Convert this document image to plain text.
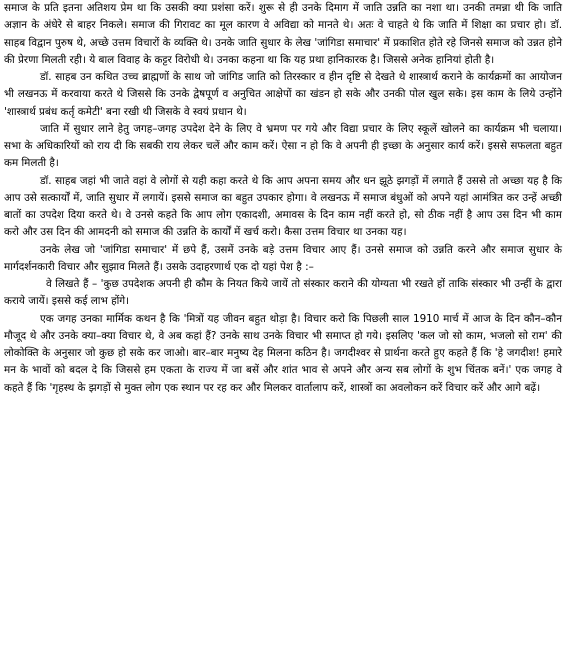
समाज के प्रति इतना अतिशय प्रेम था कि उसकी क्या प्रशंसा करें। शुरू से ही उनके दिमाग में जाति उन्नति का नशा था। उनकी तमन्ना थी कि जाति अज्ञान के अंधेरे से बाहर निकले। समाज की गिरावट का मूल कारण वे अविद्या को मानते थे। अतः वे चाहते थे कि जाति में शिक्षा का प्रचार हो। डॉ. साहब विद्वान पुरुष थे, अच्छे उत्तम विचारों के व्यक्ति थे। उनके जाति सुधार के लेख 'जांगिडा समाचार' में प्रकाशित होते रहे जिनसे समाज को उन्नत होने की प्रेरणा मिलती रही। ये बाल विवाह के कट्टर विरोधी थे। उनका कहना था कि यह प्रथा हानिकारक है। जिससे अनेक हानियां होती है।

डॉ. साहब उन कथित उच्च ब्राह्मणों के साथ जो जांगिड जाति को तिरस्कार व हीन दृष्टि से देखते थे शास्त्रार्थ कराने के कार्यक्रमों का आयोजन भी लखनऊ में करवाया करते थे जिससे कि उनके द्वेषपूर्ण व अनुचित आक्षेपों का खंडन हो सके और उनकी पोल खुल सके। इस काम के लिये उन्होंने 'शास्त्रार्थ प्रबंध कर्तृ कमेटी' बना रखी थी जिसके वे स्वयं प्रधान थे।

जाति में सुधार लाने हेतु जगह–जगह उपदेश देने के लिए वे भ्रमण पर गये और विद्या प्रचार के लिए स्कूलें खोलने का कार्यक्रम भी चलाया। सभा के अधिकारियों को राय दी कि सबकी राय लेकर चलें और काम करें। ऐसा न हो कि वे अपनी ही इच्छा के अनुसार कार्य करें। इससे सफलता बहुत कम मिलती है।

डॉ. साहब जहां भी जाते वहां वे लोगों से यही कहा करते थे कि आप अपना समय और धन झूठे झगड़ों में लगाते हैं उससे तो अच्छा यह है कि आप उसे सत्कार्यों में, जाति सुधार में लगायें। इससे समाज का बहुत उपकार होगा। वे लखनऊ में समाज बंधुओं को अपने यहां आमंत्रित कर उन्हें अच्छी बातों का उपदेश दिया करते थे। वे उनसे कहते कि आप लोग एकादशी, अमावस के दिन काम नहीं करते हो, सो ठीक नहीं है आप उस दिन भी काम करो और उस दिन की आमदनी को समाज की उन्नति के कार्यों में खर्च करो। कैसा उत्तम विचार था उनका यह।

उनके लेख जो 'जांगिडा समाचार' में छपे हैं, उसमें उनके बड़े उत्तम विचार आए हैं। उनसे समाज को उन्नति करने और समाज सुधार के मार्गदर्शनकारी विचार और सुझाव मिलते हैं। उसके उदाहरणार्थ एक दो यहां पेश है :–

वे लिखते हैं – 'कुछ उपदेशक अपनी ही कौम के नियत किये जायें तो संस्कार कराने की योग्यता भी रखते हों ताकि संस्कार भी उन्हीं के द्वारा कराये जायें। इससे कई लाभ होंगे।

एक जगह उनका मार्मिक कथन है कि 'मित्रों यह जीवन बहुत थोड़ा है। विचार करो कि पिछली साल 1910 मार्च में आज के दिन कौन–कौन मौजूद थे और उनके क्या–क्या विचार थे, वे अब कहां हैं? उनके साथ उनके विचार भी समाप्त हो गये। इसलिए 'कल जो सो काम, भजलो सो राम' की लोकोक्ति के अनुसार जो कुछ हो सके कर जाओ। बार–बार मनुष्य देह मिलना कठिन है। जगदीश्वर से प्रार्थना करते हुए कहते हैं कि 'हे जगदीश! हमारे मन के भावों को बदल दे कि जिससे हम एकता के राज्य में जा बसें और शांत भाव से अपने और अन्य सब लोगों के शुभ चिंतक बनें।' एक जगह वे कहते हैं कि 'गृहस्थ के झगड़ों से मुक्त लोग एक स्थान पर रह कर और मिलकर वार्तालाप करें, शास्त्रों का अवलोकन करें विचार करें और आगे बढ़ें।
